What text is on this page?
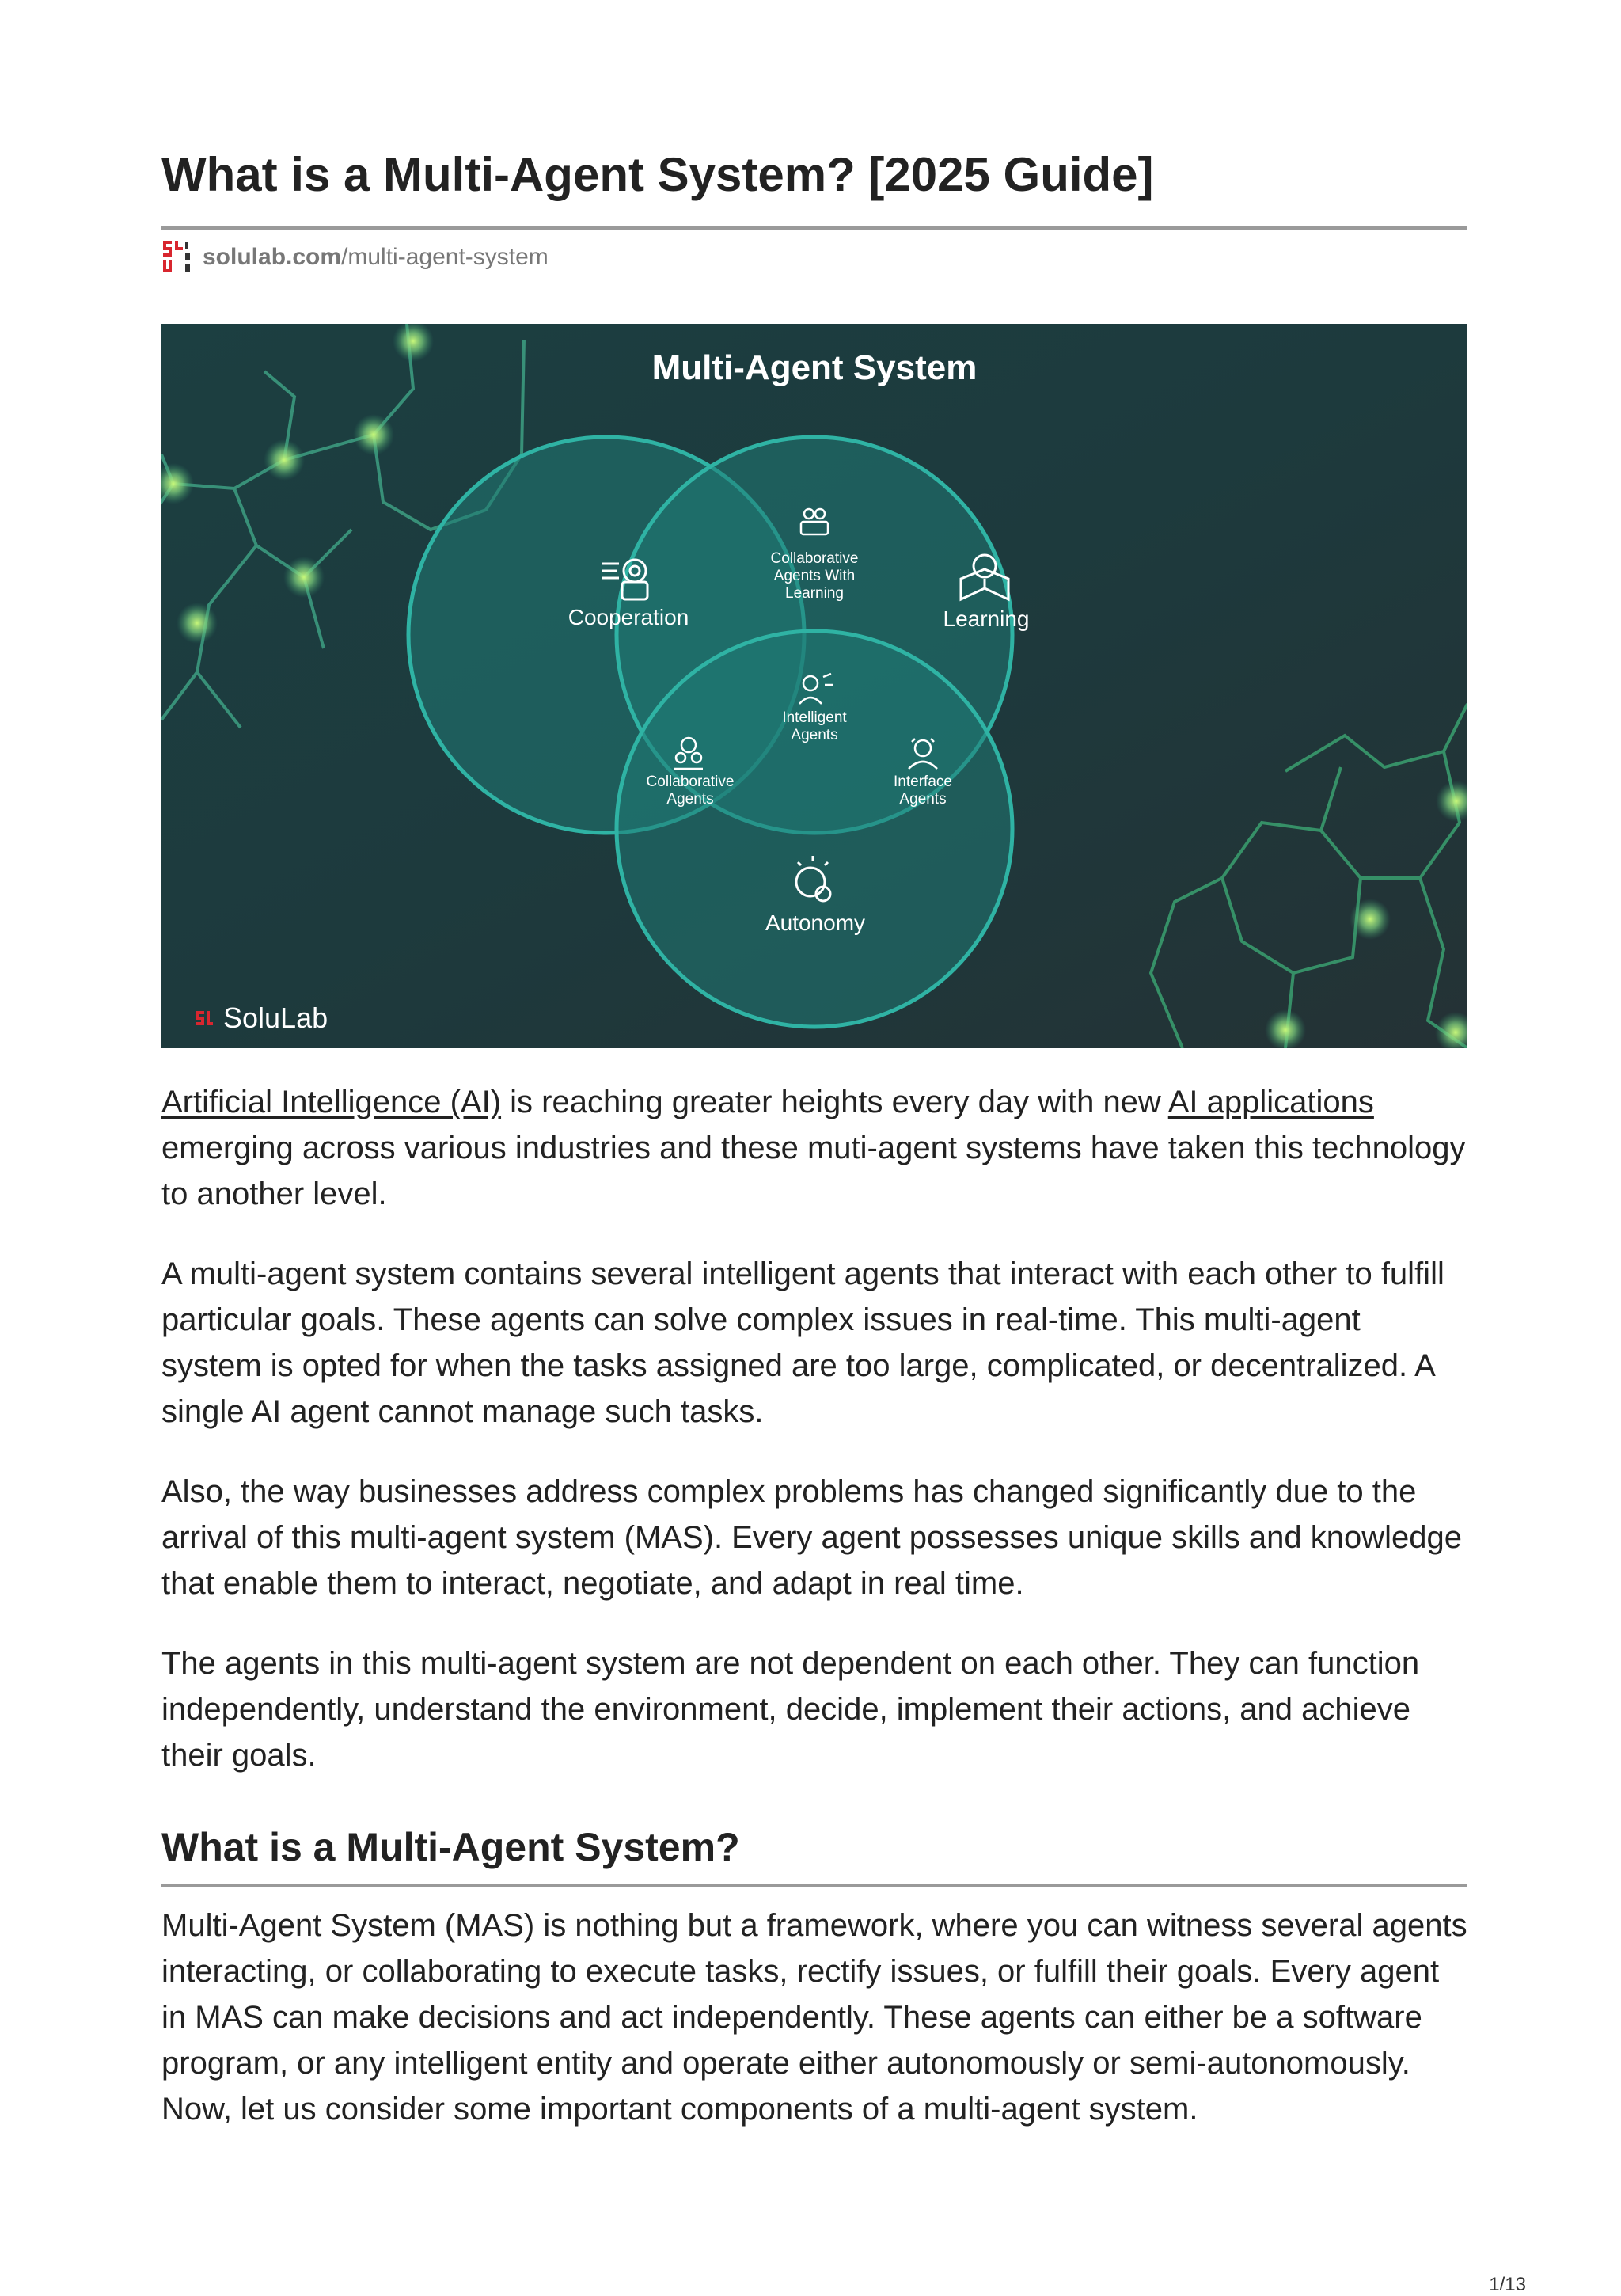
What is a Multi-Agent System? [2025 Guide]
solulab.com /multi-agent-system
Multi-Agent System
Cooperation	Learning
Collaborative
Agents With
Learning
Intelligent
Agents
Collaborative
Agents
Interface
Agents
Autonomy
SoluLab

Artificial Intelligence (AI) is reaching greater heights every day with new AI applications emerging across various industries and these muti-agent systems have taken this technology to another level.

A multi-agent system contains several intelligent agents that interact with each other to fulfill particular goals. These agents can solve complex issues in real-time. This multi-agent system is opted for when the tasks assigned are too large, complicated, or decentralized. A single AI agent cannot manage such tasks.

Also, the way businesses address complex problems has changed significantly due to the arrival of this multi-agent system (MAS). Every agent possesses unique skills and knowledge that enable them to interact, negotiate, and adapt in real time.

The agents in this multi-agent system are not dependent on each other. They can function independently, understand the environment, decide, implement their actions, and achieve their goals.

What is a Multi-Agent System?

Multi-Agent System (MAS) is nothing but a framework, where you can witness several agents interacting, or collaborating to execute tasks, rectify issues, or fulfill their goals. Every agent in MAS can make decisions and act independently. These agents can either be a software program, or any intelligent entity and operate either autonomously or semi-autonomously. Now, let us consider some important components of a multi-agent system.

1/13
